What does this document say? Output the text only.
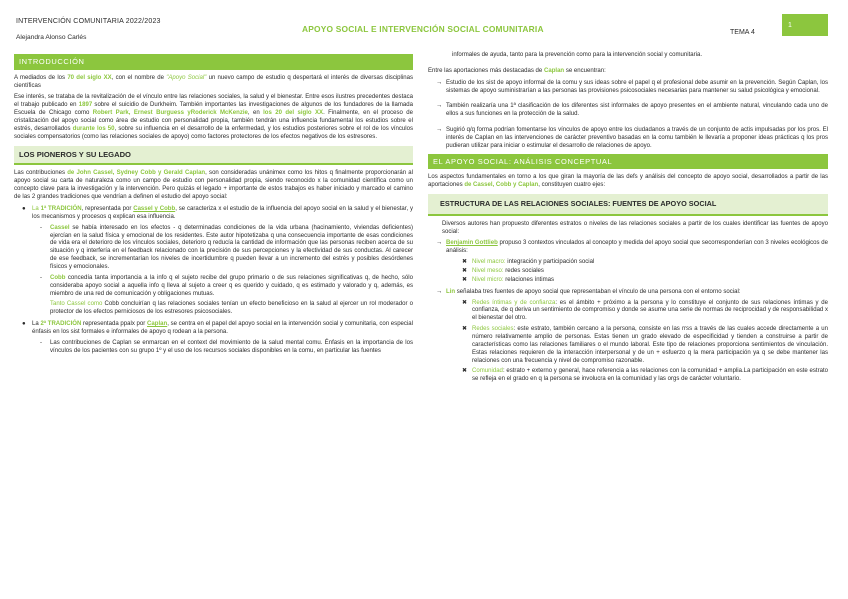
INTERVENCIÓN COMUNITARIA 2022/2023
Alejandra Alonso Carlés
APOYO SOCIAL E INTERVENCIÓN SOCIAL COMUNITARIA	TEMA 4
1
INTRODUCCIÓN

A mediados de los 70 del siglo XX, con el nombre de "Apoyo Social" un nuevo campo de estudio q despertará el interés de diversas disciplinas científicas

Ese interés, se trataba de la revitalización de el vínculo entre las relaciones sociales, la salud y el bienestar. Entre esos ilustres precedentes destaca el trabajo publicado en 1897 sobre el suicidio de Durkheim. También importantes las investigaciones de algunos de los fundadores de la llamada Escuela de Chicago como Robert Park, Ernest Burguess yRoderick McKenzie, en los 20 del siglo XX. Finalmente, en el proceso de cristalización del apoyo social como área de estudio con personalidad propia, también tendrán una influencia fundamental los estudios sobre el estrés, desarrollados durante los 50, sobre su influencia en el desarrollo de la enfermedad, y los estudios posteriores sobre el rol de los vínculos sociales compensatorios (como las relaciones sociales de apoyo) como factores protectores de los efectos negativos de los estresores.

LOS PIONEROS Y SU LEGADO

Las contribuciones de John Cassel, Sydney Cobb y Gerald Caplan, son consideradas unánimex como los hitos q finalmente proporcionarán al apoyo social su carta de naturaleza como un campo de estudio con personalidad propia, siendo reconocido x la comunidad científica como un concepto clave para la investigación y la intervención. Pero quizás el legado + importante de estos trabajos es haber iniciado y marcado el camino de las 2 grandes tradiciones que vendrían a definen el estudio del apoyo social:

●	La 1ª TRADICIÓN, representada por Cassel y Cobb, se caracteriza x el estudio de la influencia del apoyo social en la salud y el bienestar, y los mecanismos y procesos q explican esa influencia.
-	Cassel se había interesado en los efectos - q determinadas condiciones de la vida urbana (hacinamiento, viviendas deficientes) ejercían en la salud física y emocional de los residentes. Este autor hipotetizaba q una consecuencia importante de esas condiciones de vida era el deterioro de los vínculos sociales, deterioro q reducía la cantidad de información que las personas reciben acerca de su situación y q interfería en el feedback relacionado con la precisión de sus percepciones y la efectividad de sus conductas. Al carecer de ese feedback, se incrementarían los niveles de incertidumbre q pueden llevar a un incremento del estrés y posibles desórdenes físicos y emocionales.
-	Cobb concedía tanta importancia a la info q el sujeto recibe del grupo primario o de sus relaciones significativas q, de hecho, sólo consideraba apoyo social a aquella info q lleva al sujeto a creer q es querido y cuidado, q es estimado y valorado y q, además, es miembro de una red de comunicación y obligaciones mutuas.

Tanto Cassel como Cobb concluirían q las relaciones sociales tenían un efecto beneficioso en la salud al ejercer un rol moderador o protector de los efectos perniciosos de los estresores psicosociales.

●	La 2ª TRADICIÓN representada ppalx por Caplan, se centra en el papel del apoyo social en la intervención social y comunitaria, con especial énfasis en los sist formales e informales de apoyo q rodean a la persona.
-	Las contribuciones de Caplan se enmarcan en el context del movimiento de la salud mental comu. Énfasis en la importancia de los vínculos de los pacientes con su grupo 1º y el uso de los recursos sociales disponibles en la comu, en particular las fuentes

informales de ayuda, tanto para la prevención como para la intervención social y comunitaria.

Entre las aportaciones más destacadas de Caplan se encuentran:

→ Estudio de los sist de apoyo informal de la comu y sus ideas sobre el papel q el profesional debe asumir en la prevención. Según Caplan, los sistemas de apoyo suministrarían a las personas las provisiones psicosociales necesarias para mantener su salud psicológica y emocional.
→ También realizaría una 1ª clasificación de los diferentes sist informales de apoyo presentes en el ambiente natural, vinculando cada uno de ellos a sus funciones en la protección de la salud.
→ Sugirió q/q forma podrían fomentarse los vínculos de apoyo entre los ciudadanos a través de un conjunto de actis impulsadas por los pros. El interés de Caplan en las intervenciones de carácter preventivo basadas en la comu también le llevaría a proponer ideas prácticas q los pros pudieran utilizar para iniciar o estimular el desarrollo de relaciones de apoyo.
EL APOYO SOCIAL: ANÁLISIS CONCEPTUAL

Los aspectos fundamentales en torno a los que giran la mayoría de las defs y análisis del concepto de apoyo social, desarrollados a partir de las aportaciones de Cassel, Cobb y Caplan, constituyen cuatro ejes:

ESTRUCTURA DE LAS RELACIONES SOCIALES: FUENTES DE APOYO SOCIAL

Diversos autores han propuesto diferentes estratos o niveles de las relaciones sociales a partir de los cuales identificar las fuentes de apoyo social:

→ Benjamin Gottlieb propuso 3 contextos vinculados al concepto y medida del apoyo social que secorresponderían con 3 niveles ecológicos de análisis:
✖ Nivel macro: integración y participación social
✖ Nivel meso: redes sociales
✖ Nivel micro: relaciones íntimas
→ Lin señalaba tres fuentes de apoyo social que representaban el vínculo de una persona con el entorno social:
✖ Redes íntimas y de confianza: es el ámbito + próximo a la persona y lo constituye el conjunto de sus relaciones íntimas y de confianza, de q deriva un sentimiento de compromiso y donde se asume una serie de normas de reciprocidad y de responsabilidad x el bienestar del otro.
✖ Redes sociales: este estrato, también cercano a la persona, consiste en las rrss a través de las cuales accede directamente a un número relativamente amplio de personas. Estas tienen un grado elevado de especificidad y tienden a construirse a partir de características como las relaciones familiares o el mundo laboral. Este tipo de relaciones proporciona sentimientos de vinculación. Estas relaciones requieren de la interacción interpersonal y de un + esfuerzo q la mera participación ya q se debe mantener las relaciones con una frecuencia y nivel de compromiso razonable.
✖ Comunidad: estrato + externo y general, hace referencia a las relaciones con la comunidad + amplia.La participación en este estrato se refleja en el grado en q la persona se involucra en la comunidad y las orgs de carácter voluntario.
